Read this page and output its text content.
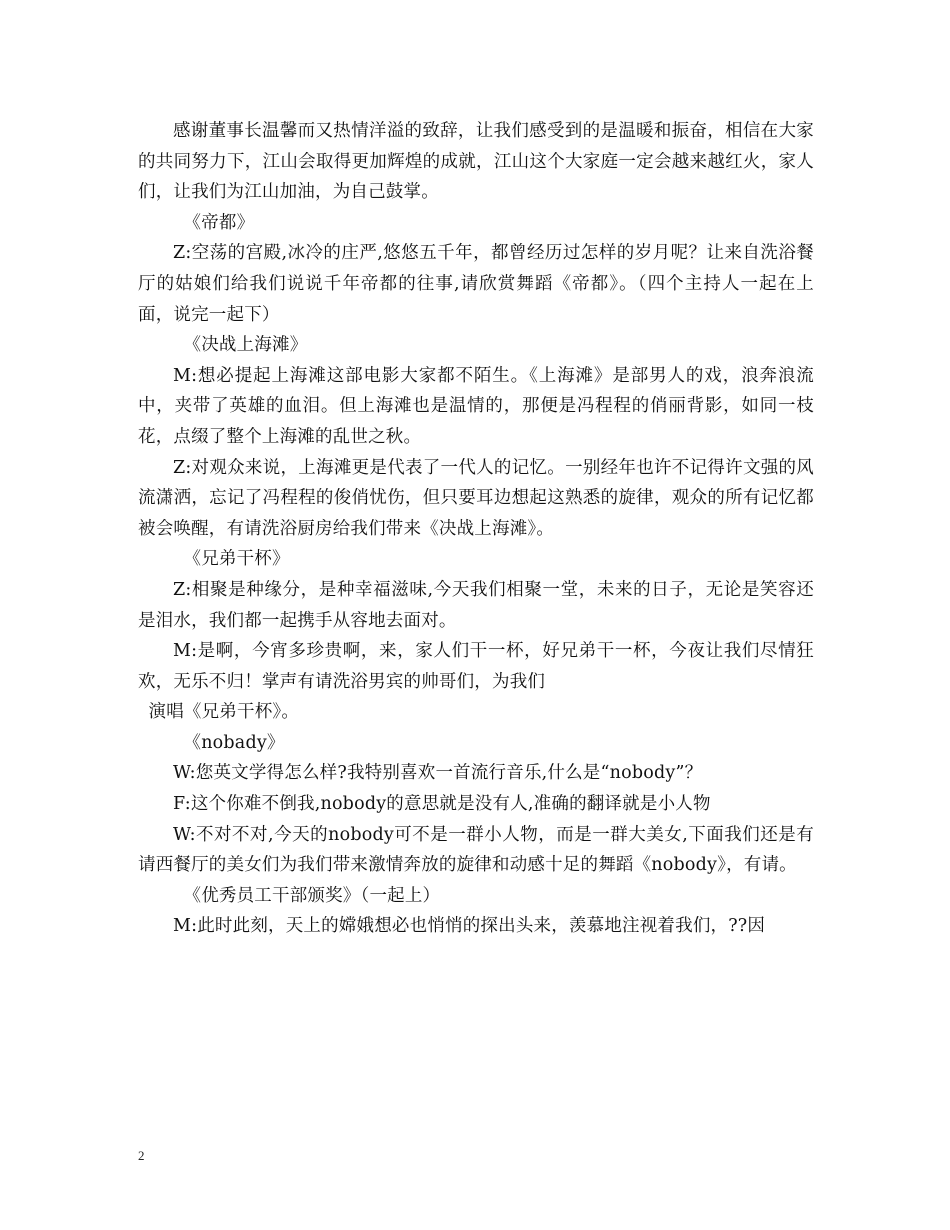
感谢董事长温馨而又热情洋溢的致辞，让我们感受到的是温暖和振奋，相信在大家的共同努力下，江山会取得更加辉煌的成就，江山这个大家庭一定会越来越红火，家人们，让我们为江山加油，为自己鼓掌。

《帝都》

Z:空荡的宫殿,冰冷的庄严,悠悠五千年，都曾经历过怎样的岁月呢？让来自洗浴餐厅的姑娘们给我们说说千年帝都的往事,请欣赏舞蹈《帝都》。（四个主持人一起在上面，说完一起下）

《决战上海滩》

M:想必提起上海滩这部电影大家都不陌生。《上海滩》是部男人的戏，浪奔浪流中，夹带了英雄的血泪。但上海滩也是温情的，那便是冯程程的俏丽背影，如同一枝花，点缀了整个上海滩的乱世之秋。

Z:对观众来说，上海滩更是代表了一代人的记忆。一别经年也许不记得许文强的风流潇洒，忘记了冯程程的俊俏忧伤，但只要耳边想起这熟悉的旋律，观众的所有记忆都被会唤醒，有请洗浴厨房给我们带来《决战上海滩》。

《兄弟干杯》

Z:相聚是种缘分，是种幸福滋味,今天我们相聚一堂，未来的日子，无论是笑容还是泪水，我们都一起携手从容地去面对。

M:是啊，今宵多珍贵啊，来，家人们干一杯，好兄弟干一杯，今夜让我们尽情狂欢，无乐不归！掌声有请洗浴男宾的帅哥们，为我们

演唱《兄弟干杯》。

《nobady》

W:您英文学得怎么样?我特别喜欢一首流行音乐,什么是“nobody”？

F:这个你难不倒我,nobody的意思就是没有人,准确的翻译就是小人物

W:不对不对,今天的nobody可不是一群小人物，而是一群大美女,下面我们还是有请西餐厅的美女们为我们带来激情奔放的旋律和动感十足的舞蹈《nobody》，有请。

《优秀员工干部颁奖》（一起上）

M:此时此刻，天上的嫦娥想必也悄悄的探出头来，羡慕地注视着我们，??因

2
